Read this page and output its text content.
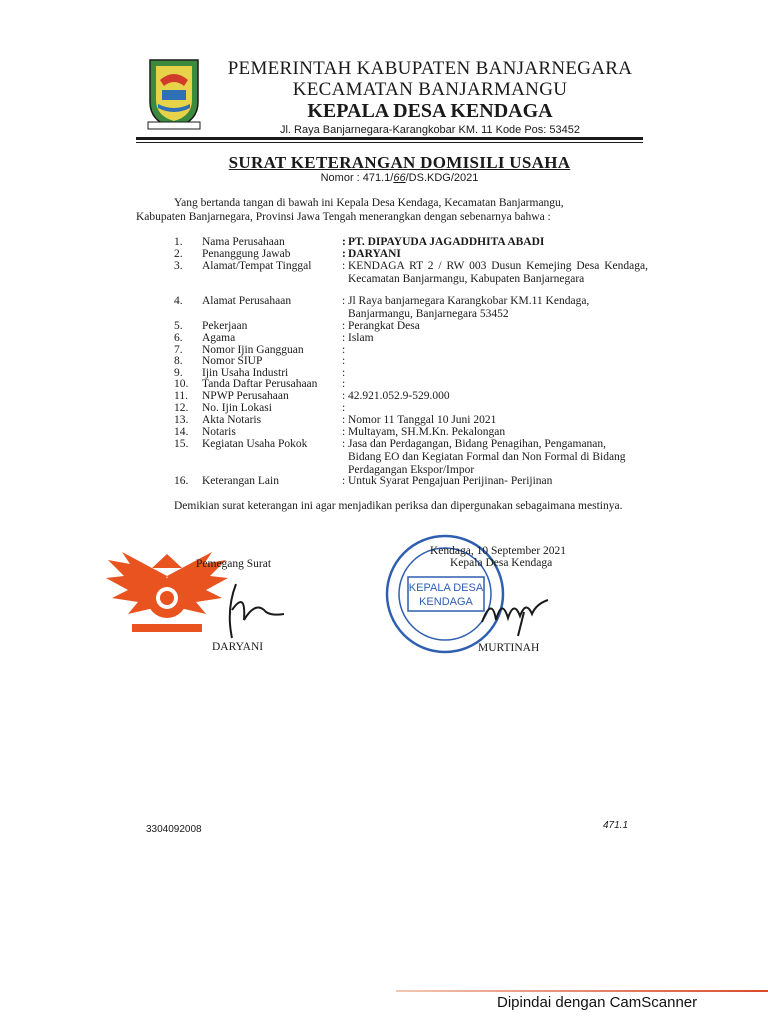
PEMERINTAH KABUPATEN BANJARNEGARA
KECAMATAN BANJARMANGU
KEPALA DESA KENDAGA
Jl. Raya Banjarnegara-Karangkobar KM. 11 Kode Pos: 53452
SURAT KETERANGAN DOMISILI USAHA
Nomor : 471.1/66/DS.KDG/2021
Yang bertanda tangan di bawah ini Kepala Desa Kendaga, Kecamatan Banjarmangu,
Kabupaten Banjarnegara, Provinsi Jawa Tengah menerangkan dengan sebenarnya bahwa :
1.	Nama Perusahaan	: PT. DIPAYUDA JAGADDHITA ABADI
2.	Penanggung Jawab	: DARYANI
3.	Alamat/Tempat Tinggal	: KENDAGA RT 2 / RW 003 Dusun Kemejing Desa Kendaga, Kecamatan Banjarmangu, Kabupaten Banjarnegara
4.	Alamat Perusahaan	: Jl Raya banjarnegara Karangkobar KM.11 Kendaga, Banjarmangu, Banjarnegara 53452
5.	Pekerjaan	: Perangkat Desa
6.	Agama	: Islam
7.	Nomor Ijin Gangguan	:
8.	Nomor SIUP	:
9.	Ijin Usaha Industri	:
10.	Tanda Daftar Perusahaan	:
11.	NPWP Perusahaan	: 42.921.052.9-529.000
12.	No. Ijin Lokasi	:
13.	Akta Notaris	: Nomor 11 Tanggal 10 Juni 2021
14.	Notaris	: Multayam, SH.M.Kn. Pekalongan
15.	Kegiatan Usaha Pokok	: Jasa dan Perdagangan, Bidang Penagihan, Pengamanan, Bidang EO dan Kegiatan Formal dan Non Formal di Bidang Perdagangan Ekspor/Impor
16.	Keterangan Lain	: Untuk Syarat Pengajuan Perijinan- Perijinan
Demikian surat keterangan ini agar menjadikan periksa dan dipergunakan sebagaimana mestinya.
Pemegang Surat
DARYANI
KEPALA DESA
KENDAGA
Kendaga, 10 September 2021
Kepala Desa Kendaga
MURTINAH
3304092008	471.1
Dipindai dengan CamScanner
